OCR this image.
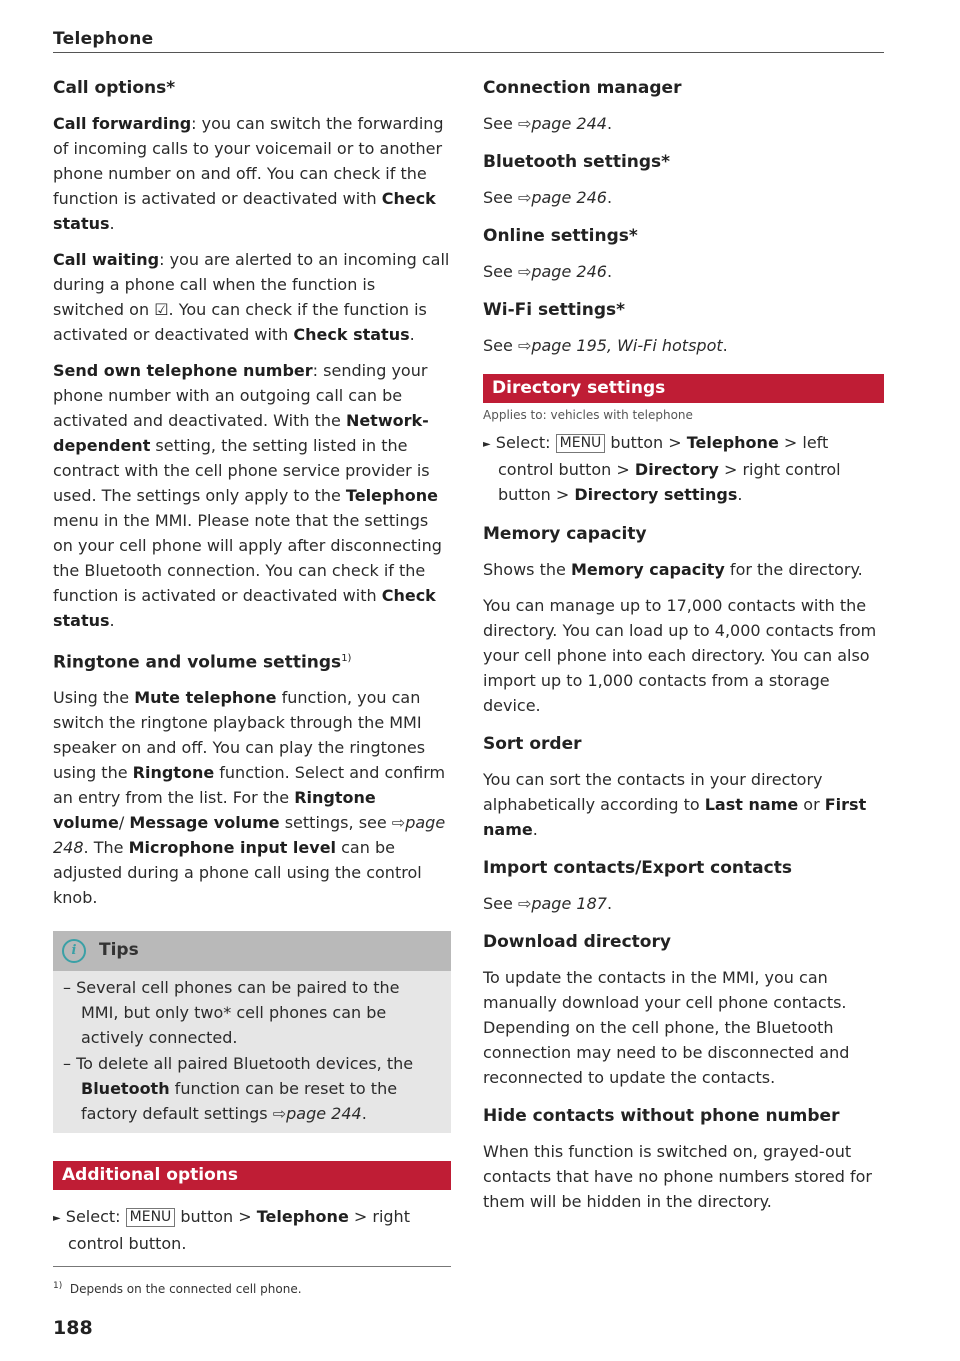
Telephone
Call options*

Call forwarding: you can switch the forwarding of incoming calls to your voicemail or to another phone number on and off. You can check if the function is activated or deactivated with Check status.

Call waiting: you are alerted to an incoming call during a phone call when the function is switched on ☑. You can check if the function is activated or deactivated with Check status.

Send own telephone number: sending your phone number with an outgoing call can be activated and deactivated. With the Network-dependent setting, the setting listed in the contract with the cell phone service provider is used. The settings only apply to the Telephone menu in the MMI. Please note that the settings on your cell phone will apply after disconnecting the Bluetooth connection. You can check if the function is activated or deactivated with Check status.

Ringtone and volume settings$^{1)}$

Using the Mute telephone function, you can switch the ringtone playback through the MMI speaker on and off. You can play the ringtones using the Ringtone function. Select and confirm an entry from the list. For the Ringtone volume/ Message volume settings, see ⇨page 248. The Microphone input level can be adjusted during a phone call using the control knob.

i	Tips

– Several cell phones can be paired to the MMI, but only two* cell phones can be actively connected.

– To delete all paired Bluetooth devices, the Bluetooth function can be reset to the factory default settings ⇨page 244.

Additional options

► Select: MENU button > Telephone > right control button.

$^{1)}$ Depends on the connected cell phone.
188
Connection manager

See ⇨page 244.

Bluetooth settings*

See ⇨page 246.

Online settings*

See ⇨page 246.

Wi-Fi settings*

See ⇨page 195, Wi-Fi hotspot.

Directory settings

Applies to: vehicles with telephone

► Select: MENU button > Telephone > left control button > Directory > right control button > Directory settings.

Memory capacity

Shows the Memory capacity for the directory.

You can manage up to 17,000 contacts with the directory. You can load up to 4,000 contacts from your cell phone into each directory. You can also import up to 1,000 contacts from a storage device.

Sort order

You can sort the contacts in your directory alphabetically according to Last name or First name.

Import contacts/Export contacts

See ⇨page 187.

Download directory

To update the contacts in the MMI, you can manually download your cell phone contacts. Depending on the cell phone, the Bluetooth connection may need to be disconnected and reconnected to update the contacts.

Hide contacts without phone number

When this function is switched on, grayed-out contacts that have no phone numbers stored for them will be hidden in the directory.
